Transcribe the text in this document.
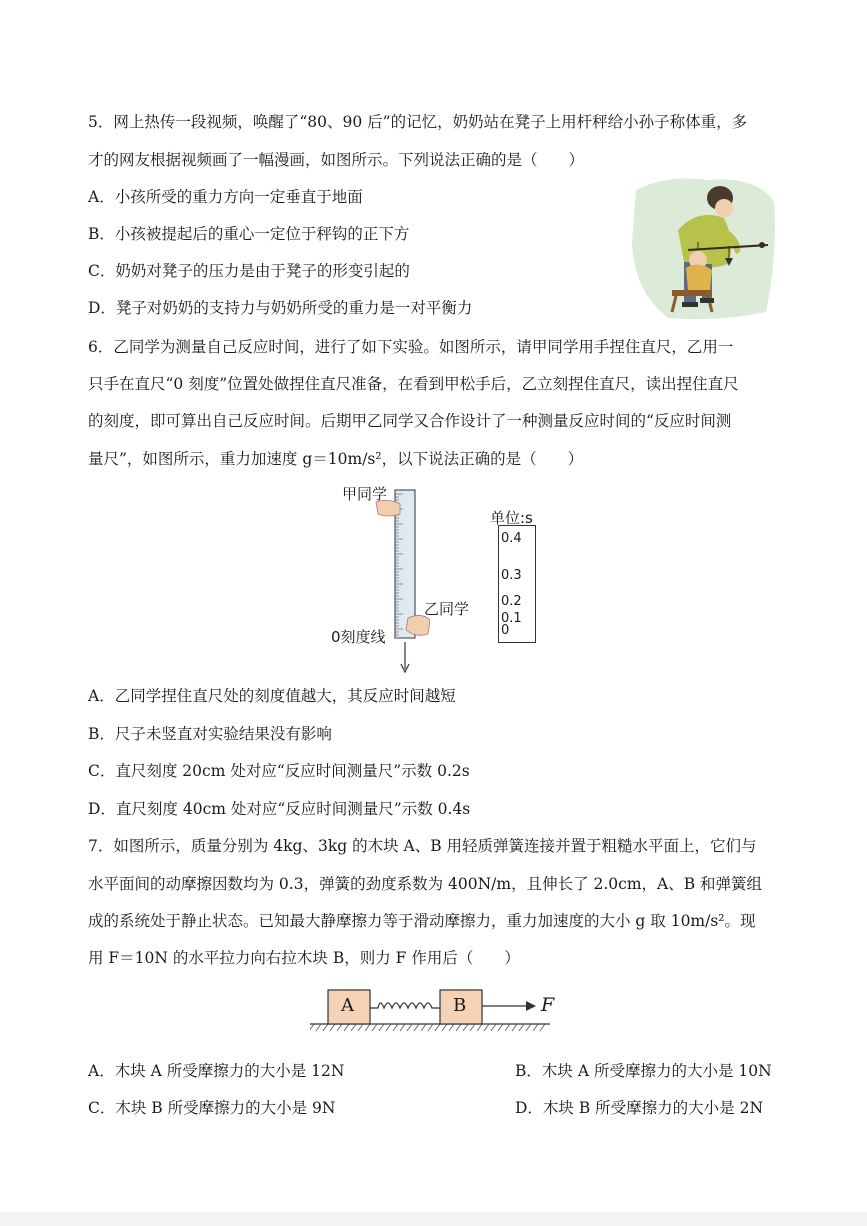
5．网上热传一段视频，唤醒了“80、90 后”的记忆，奶奶站在凳子上用杆秤给小孙子称体重，多
才的网友根据视频画了一幅漫画，如图所示。下列说法正确的是（　　）
A．小孩所受的重力方向一定垂直于地面
B．小孩被提起后的重心一定位于秤钩的正下方
C．奶奶对凳子的压力是由于凳子的形变引起的
D．凳子对奶奶的支持力与奶奶所受的重力是一对平衡力
6．乙同学为测量自己反应时间，进行了如下实验。如图所示，请甲同学用手捏住直尺，乙用一
只手在直尺“0 刻度”位置处做捏住直尺准备，在看到甲松手后，乙立刻捏住直尺，读出捏住直尺
的刻度，即可算出自己反应时间。后期甲乙同学又合作设计了一种测量反应时间的“反应时间测
量尺”，如图所示，重力加速度 g＝10m/s²，以下说法正确的是（　　）
甲同学
乙同学
0刻度线
单位:s
0.4
0.3
0.2
0.1
0
A．乙同学捏住直尺处的刻度值越大，其反应时间越短
B．尺子未竖直对实验结果没有影响
C．直尺刻度 20cm 处对应“反应时间测量尺”示数 0.2s
D．直尺刻度 40cm 处对应“反应时间测量尺”示数 0.4s
7．如图所示，质量分别为 4kg、3kg 的木块 A、B 用轻质弹簧连接并置于粗糙水平面上，它们与
水平面间的动摩擦因数均为 0.3，弹簧的劲度系数为 400N/m，且伸长了 2.0cm，A、B 和弹簧组
成的系统处于静止状态。已知最大静摩擦力等于滑动摩擦力，重力加速度的大小 g 取 10m/s²。现
用 F＝10N 的水平拉力向右拉木块 B，则力 F 作用后（　　）
A	B	F
A．木块 A 所受摩擦力的大小是 12N	B．木块 A 所受摩擦力的大小是 10N
C．木块 B 所受摩擦力的大小是 9N	D．木块 B 所受摩擦力的大小是 2N
